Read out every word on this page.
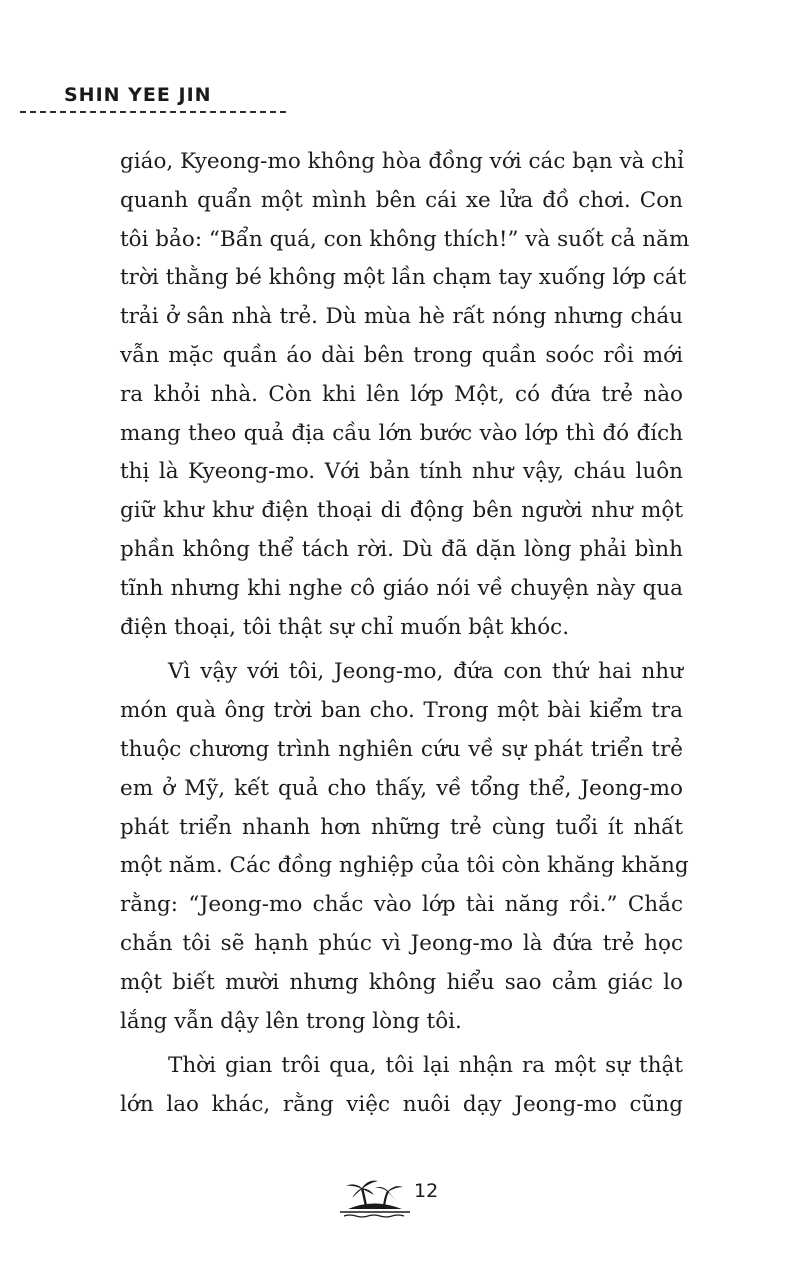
SHIN YEE JIN
giáo, Kyeong-mo không hòa đồng với các bạn và chỉ
quanh quẩn một mình bên cái xe lửa đồ chơi. Con
tôi bảo: “Bẩn quá, con không thích!” và suốt cả năm
trời thằng bé không một lần chạm tay xuống lớp cát
trải ở sân nhà trẻ. Dù mùa hè rất nóng nhưng cháu
vẫn mặc quần áo dài bên trong quần soóc rồi mới
ra khỏi nhà. Còn khi lên lớp Một, có đứa trẻ nào
mang theo quả địa cầu lớn bước vào lớp thì đó đích
thị là Kyeong-mo. Với bản tính như vậy, cháu luôn
giữ khư khư điện thoại di động bên người như một
phần không thể tách rời. Dù đã dặn lòng phải bình
tĩnh nhưng khi nghe cô giáo nói về chuyện này qua
điện thoại, tôi thật sự chỉ muốn bật khóc.
Vì vậy với tôi, Jeong-mo, đứa con thứ hai như
món quà ông trời ban cho. Trong một bài kiểm tra
thuộc chương trình nghiên cứu về sự phát triển trẻ
em ở Mỹ, kết quả cho thấy, về tổng thể, Jeong-mo
phát triển nhanh hơn những trẻ cùng tuổi ít nhất
một năm. Các đồng nghiệp của tôi còn khăng khăng
rằng: “Jeong-mo chắc vào lớp tài năng rồi.” Chắc
chắn tôi sẽ hạnh phúc vì Jeong-mo là đứa trẻ học
một biết mười nhưng không hiểu sao cảm giác lo
lắng vẫn dậy lên trong lòng tôi.
Thời gian trôi qua, tôi lại nhận ra một sự thật
lớn lao khác, rằng việc nuôi dạy Jeong-mo cũng
12
